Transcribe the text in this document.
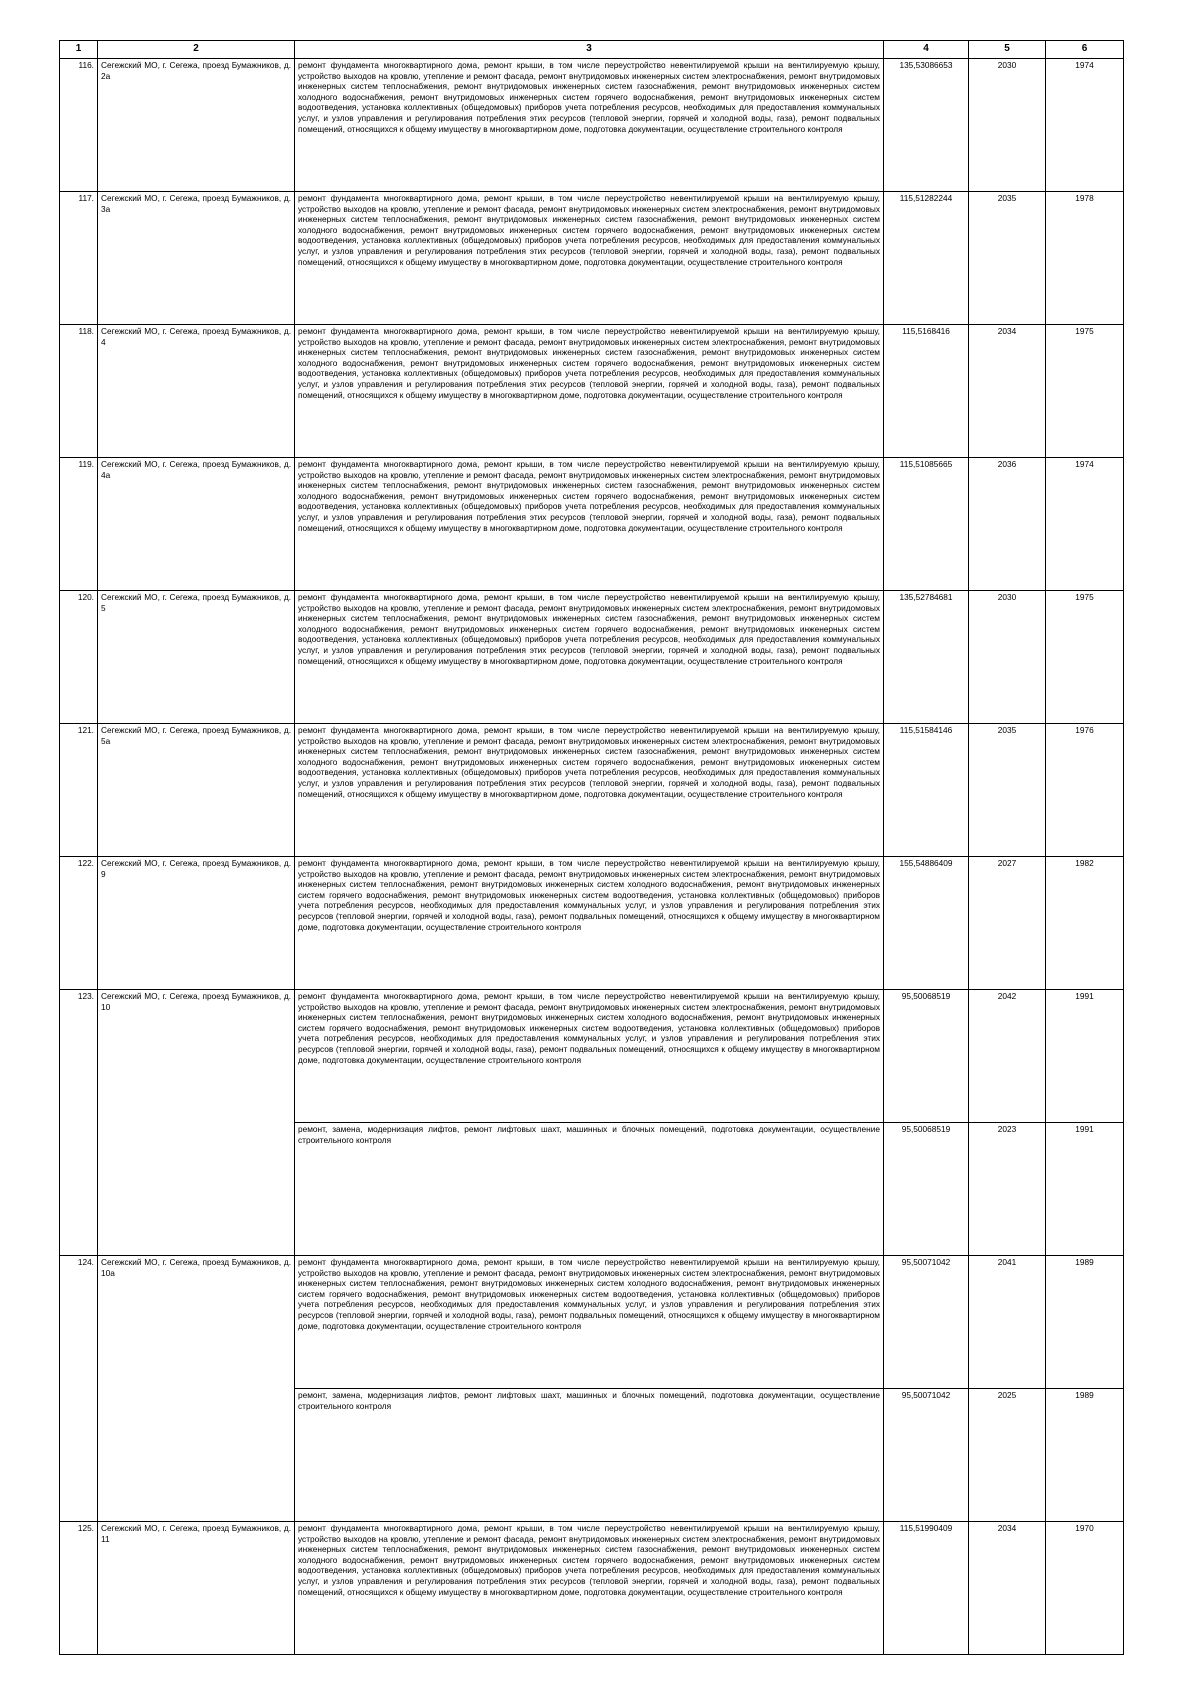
1	2	3	4	5	6
116.	Сегежский МО, г. Сегежа, проезд Бумажников, д. 2а	ремонт фундамента многоквартирного дома, ремонт крыши, в том числе переустройство невентилируемой крыши на вентилируемую крышу, устройство выходов на кровлю, утепление и ремонт фасада, ремонт внутридомовых инженерных систем электроснабжения, ремонт внутридомовых инженерных систем теплоснабжения, ремонт внутридомовых инженерных систем газоснабжения, ремонт внутридомовых инженерных систем холодного водоснабжения, ремонт внутридомовых инженерных систем горячего водоснабжения, ремонт внутридомовых инженерных систем водоотведения, установка коллективных (общедомовых) приборов учета потребления ресурсов, необходимых для предоставления коммунальных услуг, и узлов управления и регулирования потребления этих ресурсов (тепловой энергии, горячей и холодной воды, газа), ремонт подвальных помещений, относящихся к общему имуществу в многоквартирном доме, подготовка документации, осуществление строительного контроля	135,53086653	2030	1974
117.	Сегежский МО, г. Сегежа, проезд Бумажников, д. 3а	ремонт фундамента многоквартирного дома, ремонт крыши, в том числе переустройство невентилируемой крыши на вентилируемую крышу, устройство выходов на кровлю, утепление и ремонт фасада, ремонт внутридомовых инженерных систем электроснабжения, ремонт внутридомовых инженерных систем теплоснабжения, ремонт внутридомовых инженерных систем газоснабжения, ремонт внутридомовых инженерных систем холодного водоснабжения, ремонт внутридомовых инженерных систем горячего водоснабжения, ремонт внутридомовых инженерных систем водоотведения, установка коллективных (общедомовых) приборов учета потребления ресурсов, необходимых для предоставления коммунальных услуг, и узлов управления и регулирования потребления этих ресурсов (тепловой энергии, горячей и холодной воды, газа), ремонт подвальных помещений, относящихся к общему имуществу в многоквартирном доме, подготовка документации, осуществление строительного контроля	115,51282244	2035	1978
118.	Сегежский МО, г. Сегежа, проезд Бумажников, д. 4	ремонт фундамента многоквартирного дома, ремонт крыши, в том числе переустройство невентилируемой крыши на вентилируемую крышу, устройство выходов на кровлю, утепление и ремонт фасада, ремонт внутридомовых инженерных систем электроснабжения, ремонт внутридомовых инженерных систем теплоснабжения, ремонт внутридомовых инженерных систем газоснабжения, ремонт внутридомовых инженерных систем холодного водоснабжения, ремонт внутридомовых инженерных систем горячего водоснабжения, ремонт внутридомовых инженерных систем водоотведения, установка коллективных (общедомовых) приборов учета потребления ресурсов, необходимых для предоставления коммунальных услуг, и узлов управления и регулирования потребления этих ресурсов (тепловой энергии, горячей и холодной воды, газа), ремонт подвальных помещений, относящихся к общему имуществу в многоквартирном доме, подготовка документации, осуществление строительного контроля	115,5168416	2034	1975
119.	Сегежский МО, г. Сегежа, проезд Бумажников, д. 4а	ремонт фундамента многоквартирного дома, ремонт крыши, в том числе переустройство невентилируемой крыши на вентилируемую крышу, устройство выходов на кровлю, утепление и ремонт фасада, ремонт внутридомовых инженерных систем электроснабжения, ремонт внутридомовых инженерных систем теплоснабжения, ремонт внутридомовых инженерных систем газоснабжения, ремонт внутридомовых инженерных систем холодного водоснабжения, ремонт внутридомовых инженерных систем горячего водоснабжения, ремонт внутридомовых инженерных систем водоотведения, установка коллективных (общедомовых) приборов учета потребления ресурсов, необходимых для предоставления коммунальных услуг, и узлов управления и регулирования потребления этих ресурсов (тепловой энергии, горячей и холодной воды, газа), ремонт подвальных помещений, относящихся к общему имуществу в многоквартирном доме, подготовка документации, осуществление строительного контроля	115,51085665	2036	1974
120.	Сегежский МО, г. Сегежа, проезд Бумажников, д. 5	ремонт фундамента многоквартирного дома, ремонт крыши, в том числе переустройство невентилируемой крыши на вентилируемую крышу, устройство выходов на кровлю, утепление и ремонт фасада, ремонт внутридомовых инженерных систем электроснабжения, ремонт внутридомовых инженерных систем теплоснабжения, ремонт внутридомовых инженерных систем газоснабжения, ремонт внутридомовых инженерных систем холодного водоснабжения, ремонт внутридомовых инженерных систем горячего водоснабжения, ремонт внутридомовых инженерных систем водоотведения, установка коллективных (общедомовых) приборов учета потребления ресурсов, необходимых для предоставления коммунальных услуг, и узлов управления и регулирования потребления этих ресурсов (тепловой энергии, горячей и холодной воды, газа), ремонт подвальных помещений, относящихся к общему имуществу в многоквартирном доме, подготовка документации, осуществление строительного контроля	135,52784681	2030	1975
121.	Сегежский МО, г. Сегежа, проезд Бумажников, д. 5а	ремонт фундамента многоквартирного дома, ремонт крыши, в том числе переустройство невентилируемой крыши на вентилируемую крышу, устройство выходов на кровлю, утепление и ремонт фасада, ремонт внутридомовых инженерных систем электроснабжения, ремонт внутридомовых инженерных систем теплоснабжения, ремонт внутридомовых инженерных систем газоснабжения, ремонт внутридомовых инженерных систем холодного водоснабжения, ремонт внутридомовых инженерных систем горячего водоснабжения, ремонт внутридомовых инженерных систем водоотведения, установка коллективных (общедомовых) приборов учета потребления ресурсов, необходимых для предоставления коммунальных услуг, и узлов управления и регулирования потребления этих ресурсов (тепловой энергии, горячей и холодной воды, газа), ремонт подвальных помещений, относящихся к общему имуществу в многоквартирном доме, подготовка документации, осуществление строительного контроля	115,51584146	2035	1976
122.	Сегежский МО, г. Сегежа, проезд Бумажников, д. 9	ремонт фундамента многоквартирного дома, ремонт крыши, в том числе переустройство невентилируемой крыши на вентилируемую крышу, устройство выходов на кровлю, утепление и ремонт фасада, ремонт внутридомовых инженерных систем электроснабжения, ремонт внутридомовых инженерных систем теплоснабжения, ремонт внутридомовых инженерных систем холодного водоснабжения, ремонт внутридомовых инженерных систем горячего водоснабжения, ремонт внутридомовых инженерных систем водоотведения, установка коллективных (общедомовых) приборов учета потребления ресурсов, необходимых для предоставления коммунальных услуг, и узлов управления и регулирования потребления этих ресурсов (тепловой энергии, горячей и холодной воды, газа), ремонт подвальных помещений, относящихся к общему имуществу в многоквартирном доме, подготовка документации, осуществление строительного контроля	155,54886409	2027	1982
123.	Сегежский МО, г. Сегежа, проезд Бумажников, д. 10	ремонт фундамента многоквартирного дома, ремонт крыши, в том числе переустройство невентилируемой крыши на вентилируемую крышу, устройство выходов на кровлю, утепление и ремонт фасада, ремонт внутридомовых инженерных систем электроснабжения, ремонт внутридомовых инженерных систем теплоснабжения, ремонт внутридомовых инженерных систем холодного водоснабжения, ремонт внутридомовых инженерных систем горячего водоснабжения, ремонт внутридомовых инженерных систем водоотведения, установка коллективных (общедомовых) приборов учета потребления ресурсов, необходимых для предоставления коммунальных услуг, и узлов управления и регулирования потребления этих ресурсов (тепловой энергии, горячей и холодной воды, газа), ремонт подвальных помещений, относящихся к общему имуществу в многоквартирном доме, подготовка документации, осуществление строительного контроля	95,50068519	2042	1991
		ремонт, замена, модернизация лифтов, ремонт лифтовых шахт, машинных и блочных помещений, подготовка документации, осуществление строительного контроля	95,50068519	2023	1991
124.	Сегежский МО, г. Сегежа, проезд Бумажников, д. 10а	ремонт фундамента многоквартирного дома, ремонт крыши, в том числе переустройство невентилируемой крыши на вентилируемую крышу, устройство выходов на кровлю, утепление и ремонт фасада, ремонт внутридомовых инженерных систем электроснабжения, ремонт внутридомовых инженерных систем теплоснабжения, ремонт внутридомовых инженерных систем холодного водоснабжения, ремонт внутридомовых инженерных систем горячего водоснабжения, ремонт внутридомовых инженерных систем водоотведения, установка коллективных (общедомовых) приборов учета потребления ресурсов, необходимых для предоставления коммунальных услуг, и узлов управления и регулирования потребления этих ресурсов (тепловой энергии, горячей и холодной воды, газа), ремонт подвальных помещений, относящихся к общему имуществу в многоквартирном доме, подготовка документации, осуществление строительного контроля	95,50071042	2041	1989
		ремонт, замена, модернизация лифтов, ремонт лифтовых шахт, машинных и блочных помещений, подготовка документации, осуществление строительного контроля	95,50071042	2025	1989
125.	Сегежский МО, г. Сегежа, проезд Бумажников, д. 11	ремонт фундамента многоквартирного дома, ремонт крыши, в том числе переустройство невентилируемой крыши на вентилируемую крышу, устройство выходов на кровлю, утепление и ремонт фасада, ремонт внутридомовых инженерных систем электроснабжения, ремонт внутридомовых инженерных систем теплоснабжения, ремонт внутридомовых инженерных систем газоснабжения, ремонт внутридомовых инженерных систем холодного водоснабжения, ремонт внутридомовых инженерных систем горячего водоснабжения, ремонт внутридомовых инженерных систем водоотведения, установка коллективных (общедомовых) приборов учета потребления ресурсов, необходимых для предоставления коммунальных услуг, и узлов управления и регулирования потребления этих ресурсов (тепловой энергии, горячей и холодной воды, газа), ремонт подвальных помещений, относящихся к общему имуществу в многоквартирном доме, подготовка документации, осуществление строительного контроля	115,51990409	2034	1970
